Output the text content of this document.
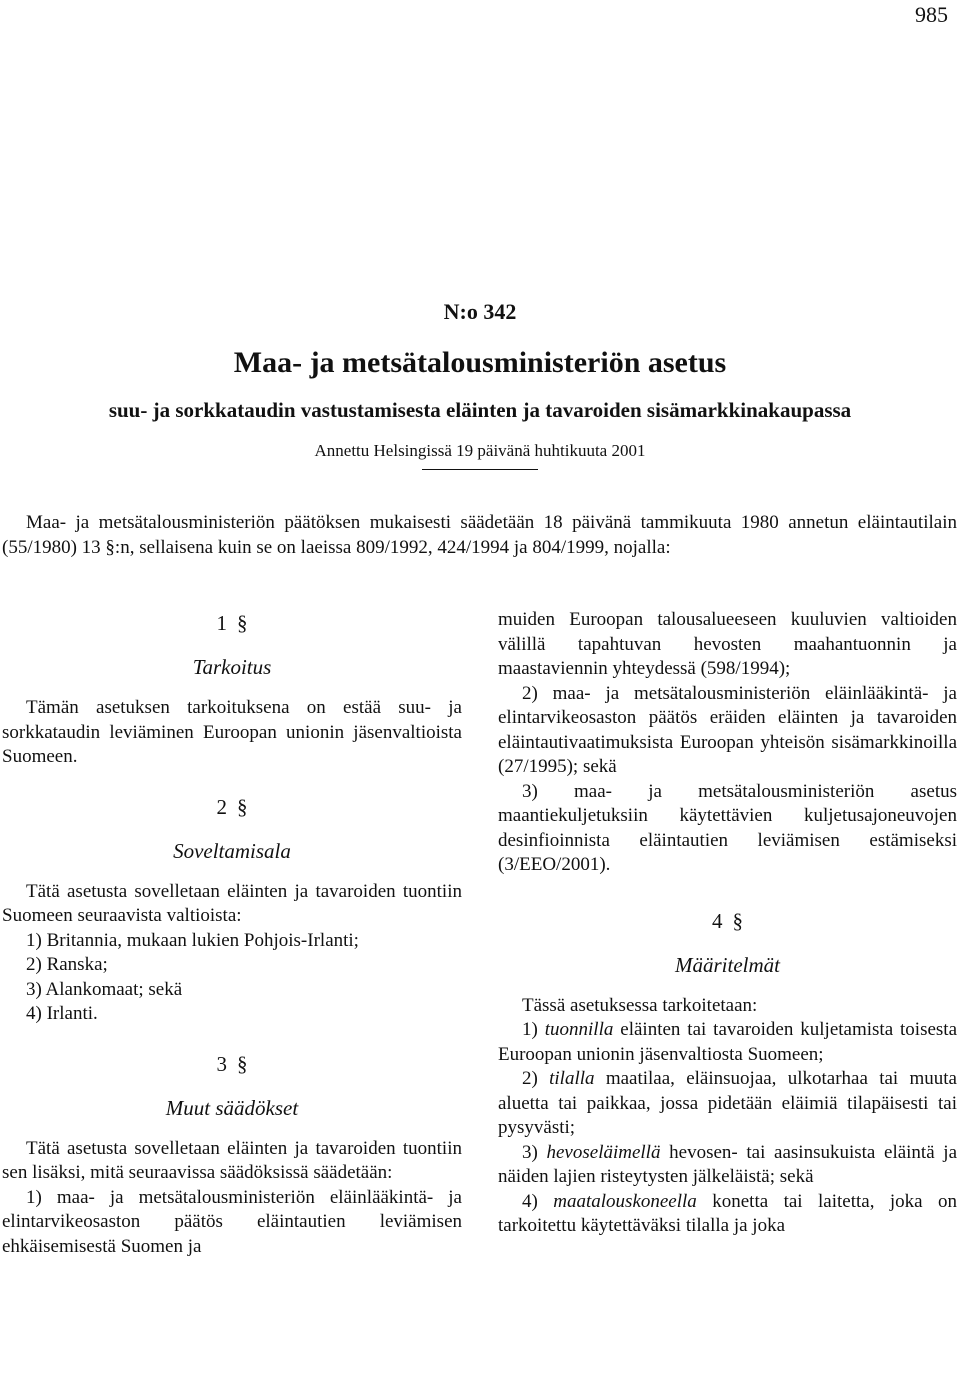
985

N:o 342

Maa- ja metsätalousministeriön asetus

suu- ja sorkkataudin vastustamisesta eläinten ja tavaroiden sisämarkkinakaupassa

Annettu Helsingissä 19 päivänä huhtikuuta 2001

Maa- ja metsätalousministeriön päätöksen mukaisesti säädetään 18 päivänä tammikuuta 1980 annetun eläintautilain (55/1980) 13 §:n, sellaisena kuin se on laeissa 809/1992, 424/1994 ja 804/1999, nojalla:

1 §

Tarkoitus

Tämän asetuksen tarkoituksena on estää suu- ja sorkkataudin leviäminen Euroopan unionin jäsenvaltioista Suomeen.

2 §

Soveltamisala

Tätä asetusta sovelletaan eläinten ja tavaroiden tuontiin Suomeen seuraavista valtioista:

1) Britannia, mukaan lukien Pohjois-Irlanti;

2) Ranska;

3) Alankomaat; sekä

4) Irlanti.

3 §

Muut säädökset

Tätä asetusta sovelletaan eläinten ja tavaroiden tuontiin sen lisäksi, mitä seuraavissa säädöksissä säädetään:

1) maa- ja metsätalousministeriön eläinlääkintä- ja elintarvikeosaston päätös eläintautien leviämisen ehkäisemisestä Suomen ja

muiden Euroopan talousalueeseen kuuluvien valtioiden välillä tapahtuvan hevosten maahantuonnin ja maastaviennin yhteydessä (598/1994);

2) maa- ja metsätalousministeriön eläinlääkintä- ja elintarvikeosaston päätös eräiden eläinten ja tavaroiden eläintautivaatimuksista Euroopan yhteisön sisämarkkinoilla (27/1995); sekä

3) maa- ja metsätalousministeriön asetus maantiekuljetuksiin käytettävien kuljetusajoneuvojen desinfioinnista eläintautien leviämisen estämiseksi (3/EEO/2001).

4 §

Määritelmät

Tässä asetuksessa tarkoitetaan:

1) tuonnilla eläinten tai tavaroiden kuljetamista toisesta Euroopan unionin jäsenvaltiosta Suomeen;

2) tilalla maatilaa, eläinsuojaa, ulkotarhaa tai muuta aluetta tai paikkaa, jossa pidetään eläimiä tilapäisesti tai pysyvästi;

3) hevoseläimellä hevosen- tai aasinsukuista eläintä ja näiden lajien risteytysten jälkeläistä; sekä

4) maatalouskoneella konetta tai laitetta, joka on tarkoitettu käytettäväksi tilalla ja joka
